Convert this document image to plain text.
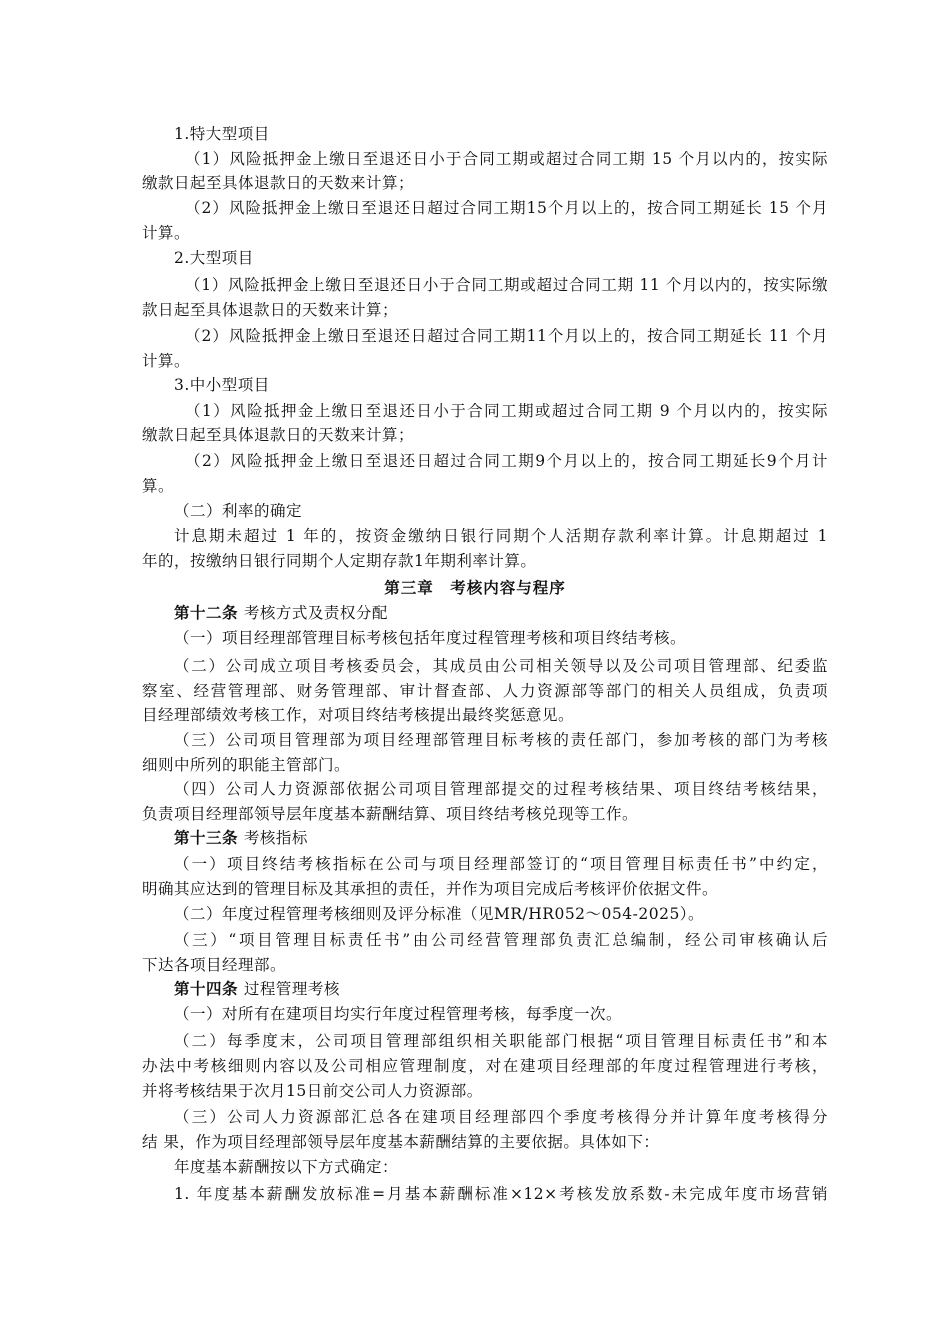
1.特大型项目
（1）风险抵押金上缴日至退还日小于合同工期或超过合同工期 15 个月以内的，按实际
缴款日起至具体退款日的天数来计算；
（2）风险抵押金上缴日至退还日超过合同工期15个月以上的，按合同工期延长 15 个月
计算。
2.大型项目
（1）风险抵押金上缴日至退还日小于合同工期或超过合同工期 11 个月以内的，按实际缴
款日起至具体退款日的天数来计算；
（2）风险抵押金上缴日至退还日超过合同工期11个月以上的，按合同工期延长 11 个月
计算。
3.中小型项目
（1）风险抵押金上缴日至退还日小于合同工期或超过合同工期 9 个月以内的，按实际
缴款日起至具体退款日的天数来计算；
（2）风险抵押金上缴日至退还日超过合同工期9个月以上的，按合同工期延长9个月计
算。
（二）利率的确定
计息期未超过 1 年的，按资金缴纳日银行同期个人活期存款利率计算。计息期超过 1
年的，按缴纳日银行同期个人定期存款1年期利率计算。
第十二条 考核方式及责权分配
（一）项目经理部管理目标考核包括年度过程管理考核和项目终结考核。
（二）公司成立项目考核委员会，其成员由公司相关领导以及公司项目管理部、纪委监
察室、经营管理部、财务管理部、审计督查部、人力资源部等部门的相关人员组成，负责项
目经理部绩效考核工作，对项目终结考核提出最终奖惩意见。
（三）公司项目管理部为项目经理部管理目标考核的责任部门，参加考核的部门为考核
细则中所列的职能主管部门。
（四）公司人力资源部依据公司项目管理部提交的过程考核结果、项目终结考核结果，
负责项目经理部领导层年度基本薪酬结算、项目终结考核兑现等工作。
第十三条 考核指标
（一）项目终结考核指标在公司与项目经理部签订的“项目管理目标责任书”中约定，
明确其应达到的管理目标及其承担的责任，并作为项目完成后考核评价依据文件。
（二）年度过程管理考核细则及评分标准（见MR/HR052～054-2025）。
（三）“项目管理目标责任书”由公司经营管理部负责汇总编制，经公司审核确认后
下达各项目经理部。
第十四条 过程管理考核
（一）对所有在建项目均实行年度过程管理考核，每季度一次。
（二）每季度末，公司项目管理部组织相关职能部门根据“项目管理目标责任书”和本
办法中考核细则内容以及公司相应管理制度，对在建项目经理部的年度过程管理进行考核，
并将考核结果于次月15日前交公司人力资源部。
（三）公司人力资源部汇总各在建项目经理部四个季度考核得分并计算年度考核得分
结 果，作为项目经理部领导层年度基本薪酬结算的主要依据。具体如下：
年度基本薪酬按以下方式确定：
1. 年度基本薪酬发放标准=月基本薪酬标准×12×考核发放系数-未完成年度市场营销
第三章　考核内容与程序
